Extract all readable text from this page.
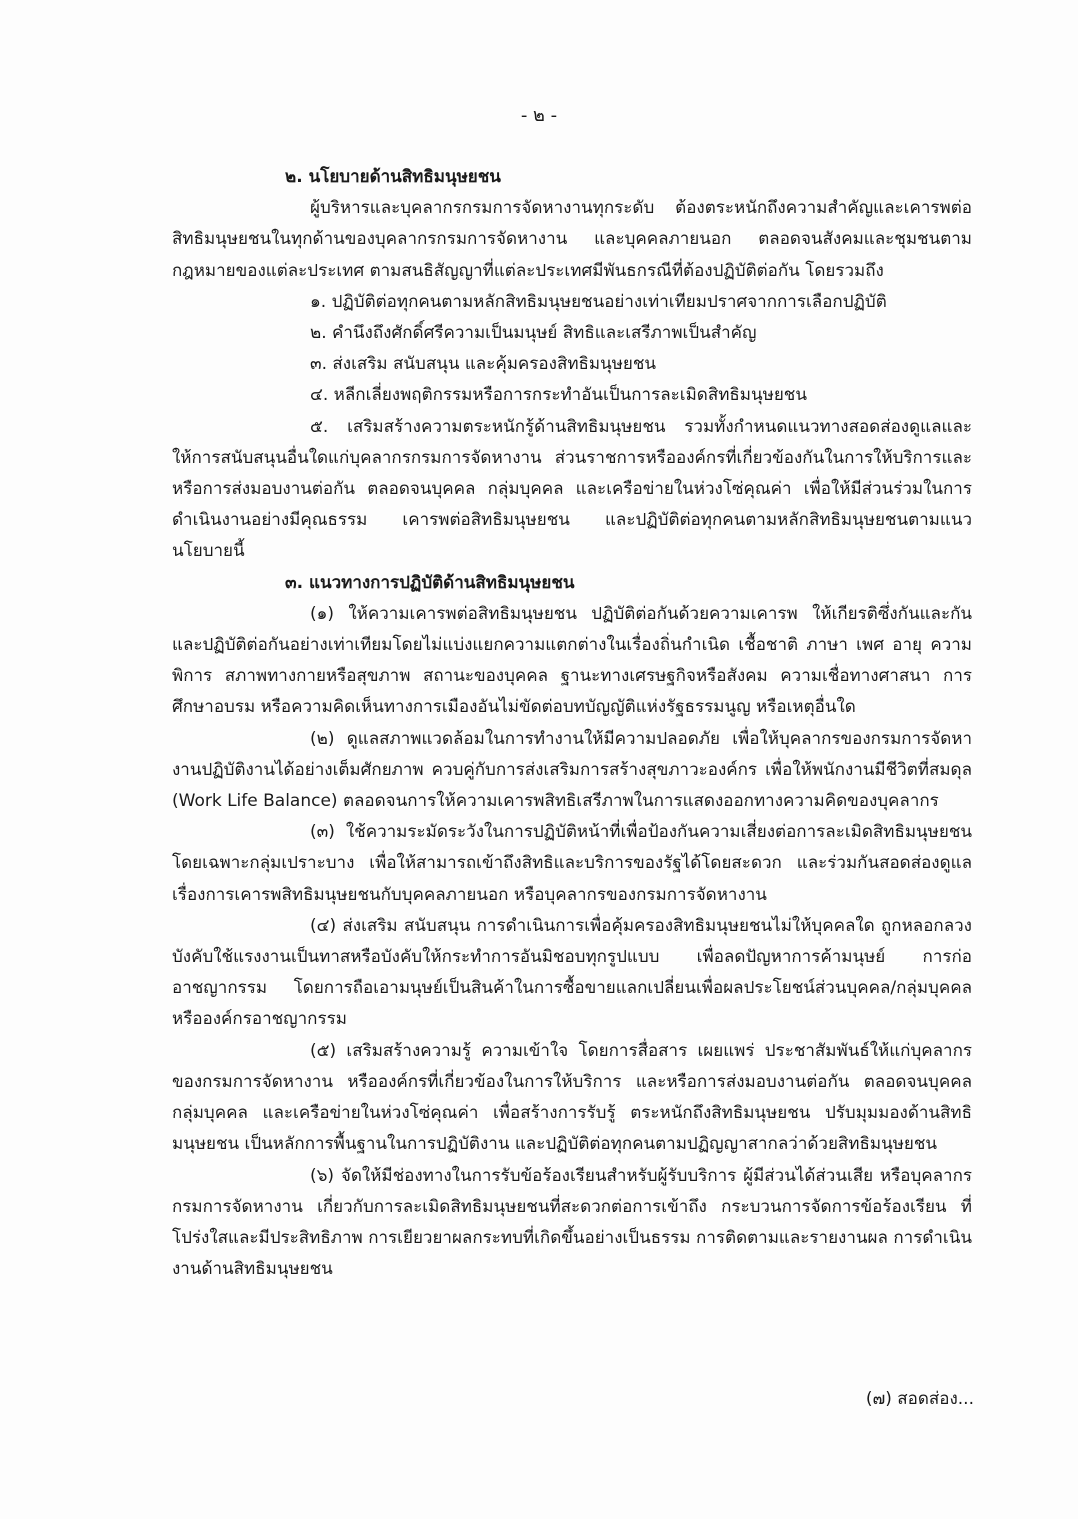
- ๒ -

๒. นโยบายด้านสิทธิมนุษยชน

ผู้บริหารและบุคลากรกรมการจัดหางานทุกระดับ ต้องตระหนักถึงความสำคัญและเคารพต่อสิทธิมนุษยชนในทุกด้านของบุคลากรกรมการจัดหางาน และบุคคลภายนอก ตลอดจนสังคมและชุมชนตามกฎหมายของแต่ละประเทศ ตามสนธิสัญญาที่แต่ละประเทศมีพันธกรณีที่ต้องปฏิบัติต่อกัน โดยรวมถึง

๑. ปฏิบัติต่อทุกคนตามหลักสิทธิมนุษยชนอย่างเท่าเทียมปราศจากการเลือกปฏิบัติ

๒. คำนึงถึงศักดิ์ศรีความเป็นมนุษย์ สิทธิและเสรีภาพเป็นสำคัญ

๓. ส่งเสริม สนับสนุน และคุ้มครองสิทธิมนุษยชน

๔. หลีกเลี่ยงพฤติกรรมหรือการกระทำอันเป็นการละเมิดสิทธิมนุษยชน

๕. เสริมสร้างความตระหนักรู้ด้านสิทธิมนุษยชน รวมทั้งกำหนดแนวทางสอดส่องดูแลและให้การสนับสนุนอื่นใดแก่บุคลากรกรมการจัดหางาน ส่วนราชการหรือองค์กรที่เกี่ยวข้องกันในการให้บริการและหรือการส่งมอบงานต่อกัน ตลอดจนบุคคล กลุ่มบุคคล และเครือข่ายในห่วงโซ่คุณค่า เพื่อให้มีส่วนร่วมในการดำเนินงานอย่างมีคุณธรรม เคารพต่อสิทธิมนุษยชน และปฏิบัติต่อทุกคนตามหลักสิทธิมนุษยชนตามแนวนโยบายนี้

๓. แนวทางการปฏิบัติด้านสิทธิมนุษยชน

(๑) ให้ความเคารพต่อสิทธิมนุษยชน ปฏิบัติต่อกันด้วยความเคารพ ให้เกียรติซึ่งกันและกันและปฏิบัติต่อกันอย่างเท่าเทียมโดยไม่แบ่งแยกความแตกต่างในเรื่องถิ่นกำเนิด เชื้อชาติ ภาษา เพศ อายุ ความพิการ สภาพทางกายหรือสุขภาพ สถานะของบุคคล ฐานะทางเศรษฐกิจหรือสังคม ความเชื่อทางศาสนา การศึกษาอบรม หรือความคิดเห็นทางการเมืองอันไม่ขัดต่อบทบัญญัติแห่งรัฐธรรมนูญ หรือเหตุอื่นใด

(๒) ดูแลสภาพแวดล้อมในการทำงานให้มีความปลอดภัย เพื่อให้บุคลากรของกรมการจัดหางานปฏิบัติงานได้อย่างเต็มศักยภาพ ควบคู่กับการส่งเสริมการสร้างสุขภาวะองค์กร เพื่อให้พนักงานมีชีวิตที่สมดุล (Work Life Balance) ตลอดจนการให้ความเคารพสิทธิเสรีภาพในการแสดงออกทางความคิดของบุคลากร

(๓) ใช้ความระมัดระวังในการปฏิบัติหน้าที่เพื่อป้องกันความเสี่ยงต่อการละเมิดสิทธิมนุษยชน โดยเฉพาะกลุ่มเปราะบาง เพื่อให้สามารถเข้าถึงสิทธิและบริการของรัฐได้โดยสะดวก และร่วมกันสอดส่องดูแล เรื่องการเคารพสิทธิมนุษยชนกับบุคคลภายนอก หรือบุคลากรของกรมการจัดหางาน

(๔) ส่งเสริม สนับสนุน การดำเนินการเพื่อคุ้มครองสิทธิมนุษยชนไม่ให้บุคคลใด ถูกหลอกลวง บังคับใช้แรงงานเป็นทาสหรือบังคับให้กระทำการอันมิชอบทุกรูปแบบ เพื่อลดปัญหาการค้ามนุษย์ การก่ออาชญากรรม โดยการถือเอามนุษย์เป็นสินค้าในการซื้อขายแลกเปลี่ยนเพื่อผลประโยชน์ส่วนบุคคล/กลุ่มบุคคล หรือองค์กรอาชญากรรม

(๕) เสริมสร้างความรู้ ความเข้าใจ โดยการสื่อสาร เผยแพร่ ประชาสัมพันธ์ให้แก่บุคลากร ของกรมการจัดหางาน หรือองค์กรที่เกี่ยวข้องในการให้บริการ และหรือการส่งมอบงานต่อกัน ตลอดจนบุคคล กลุ่มบุคคล และเครือข่ายในห่วงโซ่คุณค่า เพื่อสร้างการรับรู้ ตระหนักถึงสิทธิมนุษยชน ปรับมุมมองด้านสิทธิมนุษยชน เป็นหลักการพื้นฐานในการปฏิบัติงาน และปฏิบัติต่อทุกคนตามปฏิญญาสากลว่าด้วยสิทธิมนุษยชน

(๖) จัดให้มีช่องทางในการรับข้อร้องเรียนสำหรับผู้รับบริการ ผู้มีส่วนได้ส่วนเสีย หรือบุคลากร กรมการจัดหางาน เกี่ยวกับการละเมิดสิทธิมนุษยชนที่สะดวกต่อการเข้าถึง กระบวนการจัดการข้อร้องเรียน ที่โปร่งใสและมีประสิทธิภาพ การเยียวยาผลกระทบที่เกิดขึ้นอย่างเป็นธรรม การติดตามและรายงานผล การดำเนินงานด้านสิทธิมนุษยชน

(๗) สอดส่อง...
